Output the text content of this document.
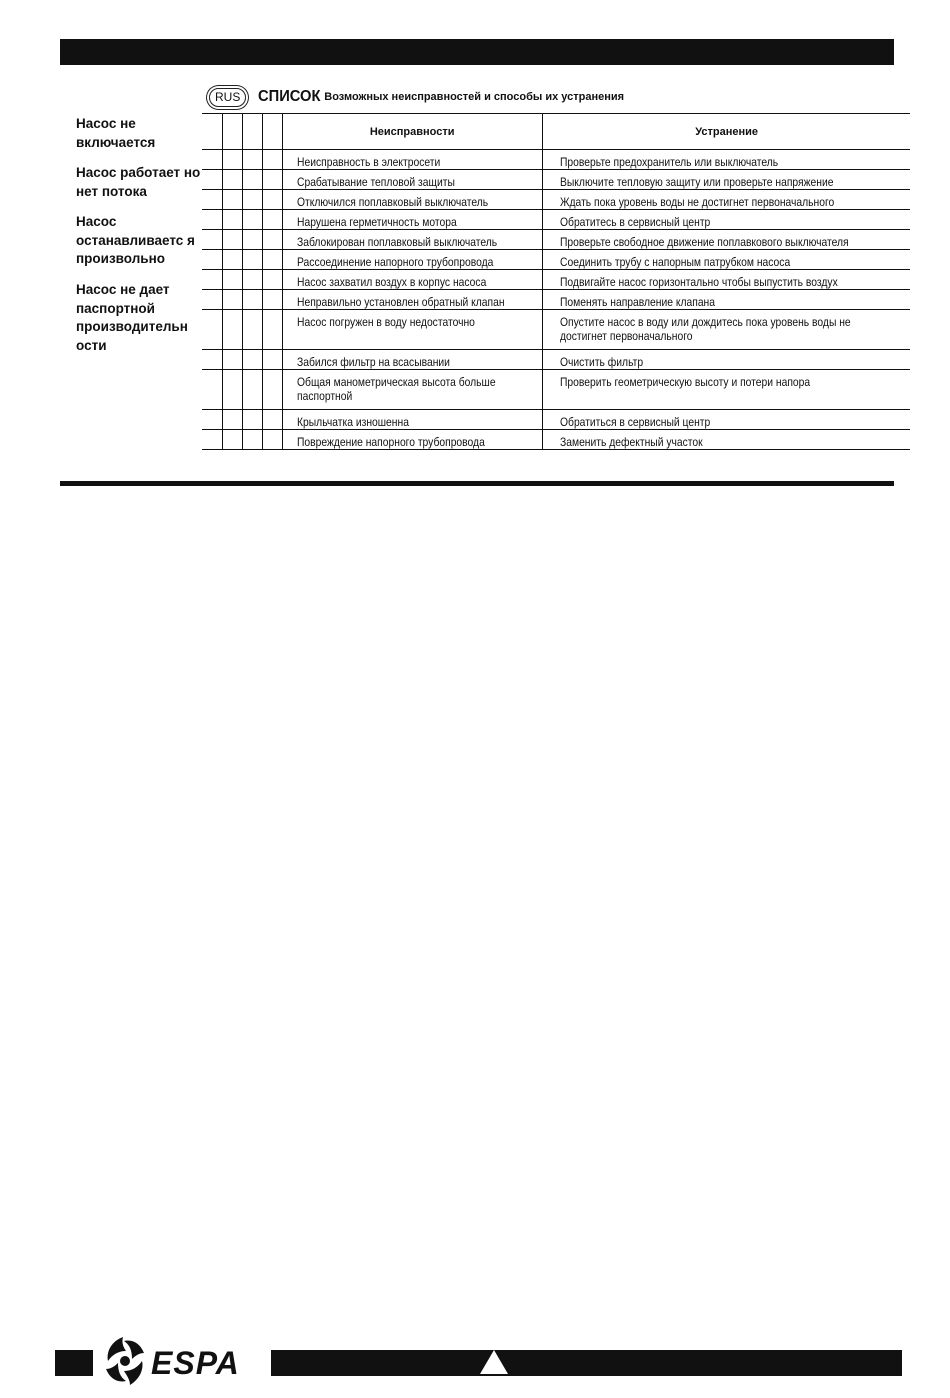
RUS	СПИСОК Возможных неисправностей и способы их устранения
Насос не включается
Насос работает но нет потока
Насос останавливаетс я произвольно
Насос не дает паспортной производительн ости
				Неисправности	Устранение

				Неисправность в электросети	Проверьте предохранитель или выключатель

				Срабатывание тепловой защиты	Выключите тепловую защиту или проверьте напряжение

				Отключился поплавковый выключатель	Ждать пока уровень воды не достигнет первоначального

				Нарушена герметичность мотора	Обратитесь в сервисный центр

				Заблокирован поплавковый выключатель	Проверьте свободное движение поплавкового выключателя

				Рассоединение напорного трубопровода	Соединить трубу с напорным патрубком насоса

				Насос захватил воздух в корпус насоса	Подвигайте насос горизонтально чтобы выпустить воздух

				Неправильно установлен обратный клапан	Поменять направление клапана

				Насос погружен в воду недостаточно	Опустите насос в воду или дождитесь пока уровень воды не
достигнет первоначального

				Забился фильтр на всасывании	Очистить фильтр

				Общая манометрическая высота больше
паспортной	Проверить геометрическую высоту и потери напора

				Крыльчатка изношенна	Обратиться в сервисный центр

				Повреждение напорного трубопровода	Заменить дефектный участок
ESPA
